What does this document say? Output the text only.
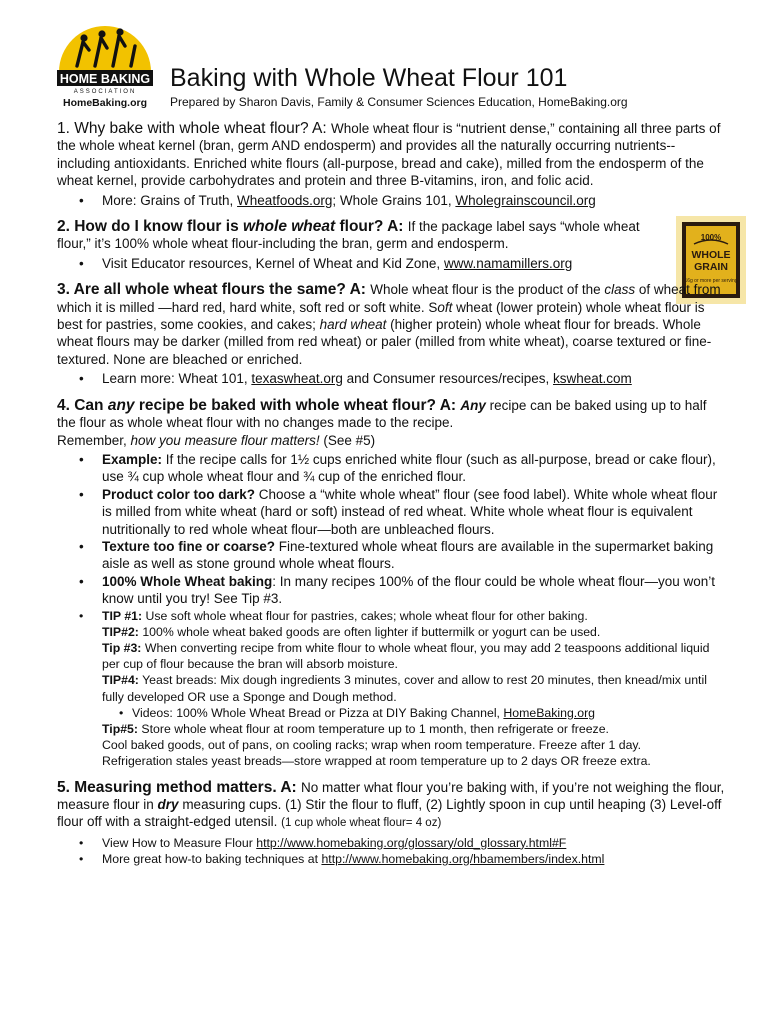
HOME BAKING
ASSOCIATION
HomeBaking.org
Baking with Whole Wheat Flour 101
Prepared by Sharon Davis, Family & Consumer Sciences Education, HomeBaking.org
100%
WHOLE
GRAIN
16g or more per serving

1. Why bake with whole wheat flour? A: Whole wheat flour is “nutrient dense,” containing all three parts of the whole wheat kernel (bran, germ AND endosperm) and provides all the naturally occurring nutrients--including antioxidants. Enriched white flours (all-purpose, bread and cake), milled from the endosperm of the wheat kernel, provide carbohydrates and protein and three B-vitamins, iron, and folic acid.

• More: Grains of Truth, Wheatfoods.org; Whole Grains 101, Wholegrainscouncil.org

2. How do I know flour is whole wheat flour? A: If the package label says “whole wheat flour,” it’s 100% whole wheat flour-including the bran, germ and endosperm.

• Visit Educator resources, Kernel of Wheat and Kid Zone, www.namamillers.org

3. Are all whole wheat flours the same? A: Whole wheat flour is the product of the class of wheat from which it is milled —hard red, hard white, soft red or soft white. Soft wheat (lower protein) whole wheat flour is best for pastries, some cookies, and cakes; hard wheat (higher protein) whole wheat flour for breads. Whole wheat flours may be darker (milled from red wheat) or paler (milled from white wheat), coarse textured or fine-textured. None are bleached or enriched.

• Learn more: Wheat 101, texaswheat.org and Consumer resources/recipes, kswheat.com

4. Can any recipe be baked with whole wheat flour? A: Any recipe can be baked using up to half the flour as whole wheat flour with no changes made to the recipe.
Remember, how you measure flour matters! (See #5)

• Example: If the recipe calls for 1½ cups enriched white flour (such as all-purpose, bread or cake flour), use ¾ cup whole wheat flour and ¾ cup of the enriched flour.
• Product color too dark? Choose a “white whole wheat” flour (see food label). White whole wheat flour is milled from white wheat (hard or soft) instead of red wheat. White whole wheat flour is equivalent nutritionally to red whole wheat flour—both are unbleached flours.
• Texture too fine or coarse? Fine-textured whole wheat flours are available in the supermarket baking aisle as well as stone ground whole wheat flours.
• 100% Whole Wheat baking: In many recipes 100% of the flour could be whole wheat flour—you won’t know until you try! See Tip #3.
• TIP #1: Use soft whole wheat flour for pastries, cakes; whole wheat flour for other baking.
TIP#2: 100% whole wheat baked goods are often lighter if buttermilk or yogurt can be used.
Tip #3: When converting recipe from white flour to whole wheat flour, you may add 2 teaspoons additional liquid per cup of flour because the bran will absorb moisture.
TIP#4: Yeast breads: Mix dough ingredients 3 minutes, cover and allow to rest 20 minutes, then knead/mix until fully developed OR use a Sponge and Dough method.
• Videos: 100% Whole Wheat Bread or Pizza at DIY Baking Channel, HomeBaking.org
Tip#5: Store whole wheat flour at room temperature up to 1 month, then refrigerate or freeze.
Cool baked goods, out of pans, on cooling racks; wrap when room temperature. Freeze after 1 day.
Refrigeration stales yeast breads—store wrapped at room temperature up to 2 days OR freeze extra.

5. Measuring method matters. A: No matter what flour you’re baking with, if you’re not weighing the flour, measure flour in dry measuring cups. (1) Stir the flour to fluff, (2) Lightly spoon in cup until heaping (3) Level-off flour off with a straight-edged utensil. (1 cup whole wheat flour= 4 oz)

• View How to Measure Flour http://www.homebaking.org/glossary/old_glossary.html#F
• More great how-to baking techniques at http://www.homebaking.org/hbamembers/index.html
